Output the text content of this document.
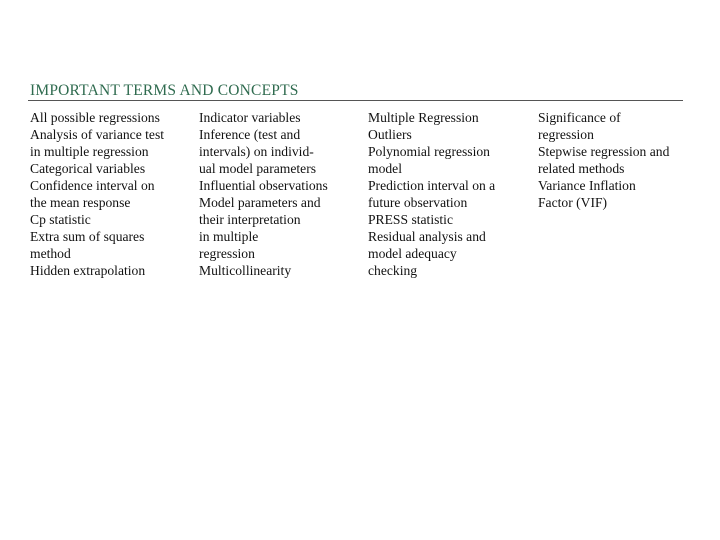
IMPORTANT TERMS AND CONCEPTS
All possible regressions
Analysis of variance test
in multiple regression
Categorical variables
Confidence interval on
the mean response
Cp statistic
Extra sum of squares
method
Hidden extrapolation
Indicator variables
Inference (test and
intervals) on individ-
ual model parameters
Influential observations
Model parameters and
their interpretation
in multiple
regression
Multicollinearity
Multiple Regression
Outliers
Polynomial regression
model
Prediction interval on a
future observation
PRESS statistic
Residual analysis and
model adequacy
checking
Significance of
regression
Stepwise regression and
related methods
Variance Inflation
Factor (VIF)
